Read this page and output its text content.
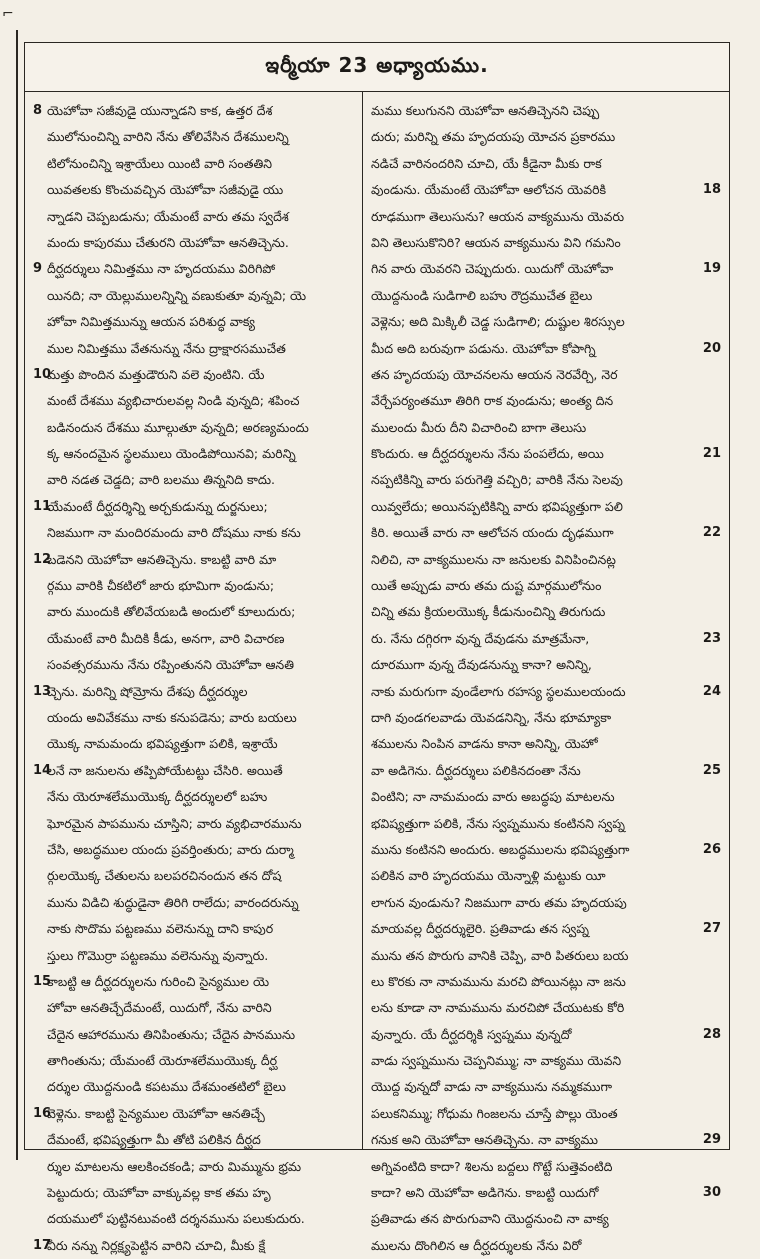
⌐
ఇర్మీయా 23 అధ్యాయము.
8 యెహోవా సజీవుడై యున్నాడని కాక, ఉత్తర దేశ
ములోనుంచిన్ని వారిని నేను తోలివేసిన దేశములన్ని
టిలోనుంచిన్ని ఇశ్రాయేలు యింటి వారి సంతతిని
యివతలకు కొంచువచ్చిన యెహోవా సజీవుడై యు
న్నాడని చెప్పబడును; యేమంటే వారు తమ స్వదేశ
మందు కాపురము చేతురని యెహోవా ఆనతిచ్చెను.
9 దీర్ఘదర్శులు నిమిత్తము నా హృదయము విరిగిపో
యినది; నా యెల్లుములన్నిన్ని వణుకుతూ వున్నవి; యె
హోవా నిమిత్తమున్ను ఆయన పరిశుద్ధ వాక్య
ముల నిమిత్తము వేతనున్ను నేను ద్రాక్షారసముచేత
10
మత్తు పొందిన మత్తుడౌరుని వలె వుంటిని. యే
మంటే దేశము వ్యభిచారులవల్ల నిండి వున్నది; శపించ
బడినందున దేశము మూల్గుతూ వున్నది; అరణ్యమందు
క్క ఆనందమైన స్థలములు యెండిపోయినవి; మరిన్ని
వారి నడత చెడ్డది; వారి బలము తిన్ననిది కాదు.
11
యేమంటే దీర్ఘదర్శిన్ని అర్చకుడున్ను దుర్జనులు;
నిజముగా నా మందిరమందు వారి దోషము నాకు కను
12
బడెనని యెహోవా ఆనతిచ్చెను. కాబట్టి వారి మా
ర్గము వారికి చీకటిలో జారు భూమిగా వుండును;
వారు ముందుకి తోలివేయబడి అందులో కూలుదురు;
యేమంటే వారి మీదికి కీడు, అనగా, వారి విచారణ
సంవత్సరమును నేను రప్పింతునని యెహోవా ఆనతి
13
చ్చెను. మరిన్ని షోమ్రోను దేశపు దీర్ఘదర్శుల
యందు అవివేకము నాకు కనుపడెను; వారు బయలు
యొక్క నామమందు భవిష్యత్తుగా పలికి, ఇశ్రాయే
14
లనే నా జనులను తప్పిపోయేటట్టు చేసిరి. అయితే
నేను యెరూశలేముయొక్క దీర్ఘదర్శులలో బహు
ఘోరమైన పాపమును చూస్తిని; వారు వ్యభిచారమును
చేసి, అబద్ధముల యందు ప్రవర్తింతురు; వారు దుర్మా
ర్గులయొక్క చేతులను బలపరచినందున తన దోష
మును విడిచి శుద్ధుడైనా తిరిగి రాలేదు; వారందరున్ను
నాకు సొదొమ పట్టణము వలెనున్ను దాని కాపుర
స్తులు గొమొర్రా పట్టణము వలెనున్ను వున్నారు.
15
కాబట్టి ఆ దీర్ఘదర్శులను గురించి సైన్యముల యె
హోవా ఆనతిచ్చేదేమంటే, యిదుగో, నేను వారిని
చేదైన ఆహారమును తినిపింతును; చేదైన పానమును
తాగింతును; యేమంటే యెరూశలేముయొక్క దీర్ఘ
దర్శుల యొద్దనుండి కపటము దేశమంతటిలో బైలు
16
వెళ్లెను. కాబట్టి సైన్యముల యెహోవా ఆనతిచ్చే
దేమంటే, భవిష్యత్తుగా మీ తోటి పలికిన దీర్ఘద
ర్శుల మాటలను ఆలకించకండి; వారు మిమ్మును భ్రమ
పెట్టుదురు; యెహోవా వాక్కువల్ల కాక తమ హృ
దయములో పుట్టినటువంటి దర్శనమును పలుకుదురు.
17
వీరు నన్ను నిర్లక్ష్యపెట్టిన వారిని చూచి, మీకు క్షే
మము కలుగునని యెహోవా ఆనతిచ్చెనని చెప్పు
దురు; మరిన్ని తమ హృదయపు యోచన ప్రకారము
నడిచే వారినందరిని చూచి, యే కీడైనా మీకు రాక
18
వుండును. యేమంటే యెహోవా ఆలోచన యెవరికి
రూఢముగా తెలుసును? ఆయన వాక్యమును యెవరు
విని తెలుసుకొనిరి? ఆయన వాక్యమును విని గమనిం
19
గిన వారు యెవరని చెప్పుదురు. యిదుగో యెహోవా
యొద్దనుండి సుడిగాలి బహు రౌద్రముచేత బైలు
వెళ్లెను; అది మిక్కిలీ చెడ్డ సుడిగాలి; దుష్టుల శిరస్సుల
20
మీద అది బరువుగా పడును. యెహోవా కోపాగ్ని
తన హృదయపు యోచనలను ఆయన నెరవేర్చి, నెర
వేర్చేపర్యంతమూ తిరిగి రాక వుండును; అంత్య దిన
ములందు మీరు దీని విచారించి బాగా తెలుసు
21
కొందురు. ఆ దీర్ఘదర్శులను నేను పంపలేదు, అయి
నప్పటికిన్ని వారు పరుగెత్తి వచ్చిరి; వారికి నేను సెలవు
యివ్వలేదు; అయినప్పటికిన్ని వారు భవిష్యత్తుగా పలి
22
కిరి. అయితే వారు నా ఆలోచన యందు దృఢముగా
నిలిచి, నా వాక్యములను నా జనులకు వినిపించినట్ల
యితే అప్పుడు వారు తమ దుష్ట మార్గములోనుం
చిన్ని తమ క్రియలయొక్క కీడునుంచిన్ని తిరుగుదు
23
రు. నేను దగ్గిరగా వున్న దేవుడను మాత్రమేనా,
దూరముగా వున్న దేవుడనున్ను కానా? అనిన్ని,
24
నాకు మరుగుగా వుండేలాగు రహస్య స్థలములయందు
దాగి వుండగలవాడు యెవడనిన్ని, నేను భూమ్యాకా
శములను నింపిన వాడను కానా అనిన్ని, యెహో
25
వా అడిగెను. దీర్ఘదర్శులు పలికినదంతా నేను
వింటిని; నా నామమందు వారు అబద్ధపు మాటలను
భవిష్యత్తుగా పలికి, నేను స్వప్నమును కంటినని స్వప్న
26
మును కంటినని అందురు. అబద్ధములను భవిష్యత్తుగా
పలికిన వారి హృదయము యెన్నాళ్లి మట్టుకు యీ
లాగున వుండును? నిజముగా వారు తమ హృదయపు
27
మాయవల్ల దీర్ఘదర్శులైరి. ప్రతివాడు తన స్వప్న
మును తన పొరుగు వానికి చెప్పి, వారి పితరులు బయ
లు కొరకు నా నామమును మరచి పోయినట్లు నా జను
లను కూడా నా నామమును మరచిపో చేయుటకు కోరి
28
వున్నారు. యే దీర్ఘదర్శికి స్వప్నము వున్నదో
వాడు స్వప్నమును చెప్పనిమ్ము; నా వాక్యము యెవని
యొద్ద వున్నదో వాడు నా వాక్యమును నమ్మకముగా
పలుకనిమ్ము; గోధుమ గింజలను చూస్తే పొల్లు యెంత
29
గనుక అని యెహోవా ఆనతిచ్చెను. నా వాక్యము
అగ్నివంటిది కాదా? శిలను బద్దలు గొట్టే సుత్తెవంటిది
30
కాదా? అని యెహోవా అడిగెను. కాబట్టి యిదుగో
ప్రతివాడు తన పొరుగువాని యొద్దనుంచి నా వాక్య
ములను దొంగిలిన ఆ దీర్ఘదర్శులకు నేను విరో
